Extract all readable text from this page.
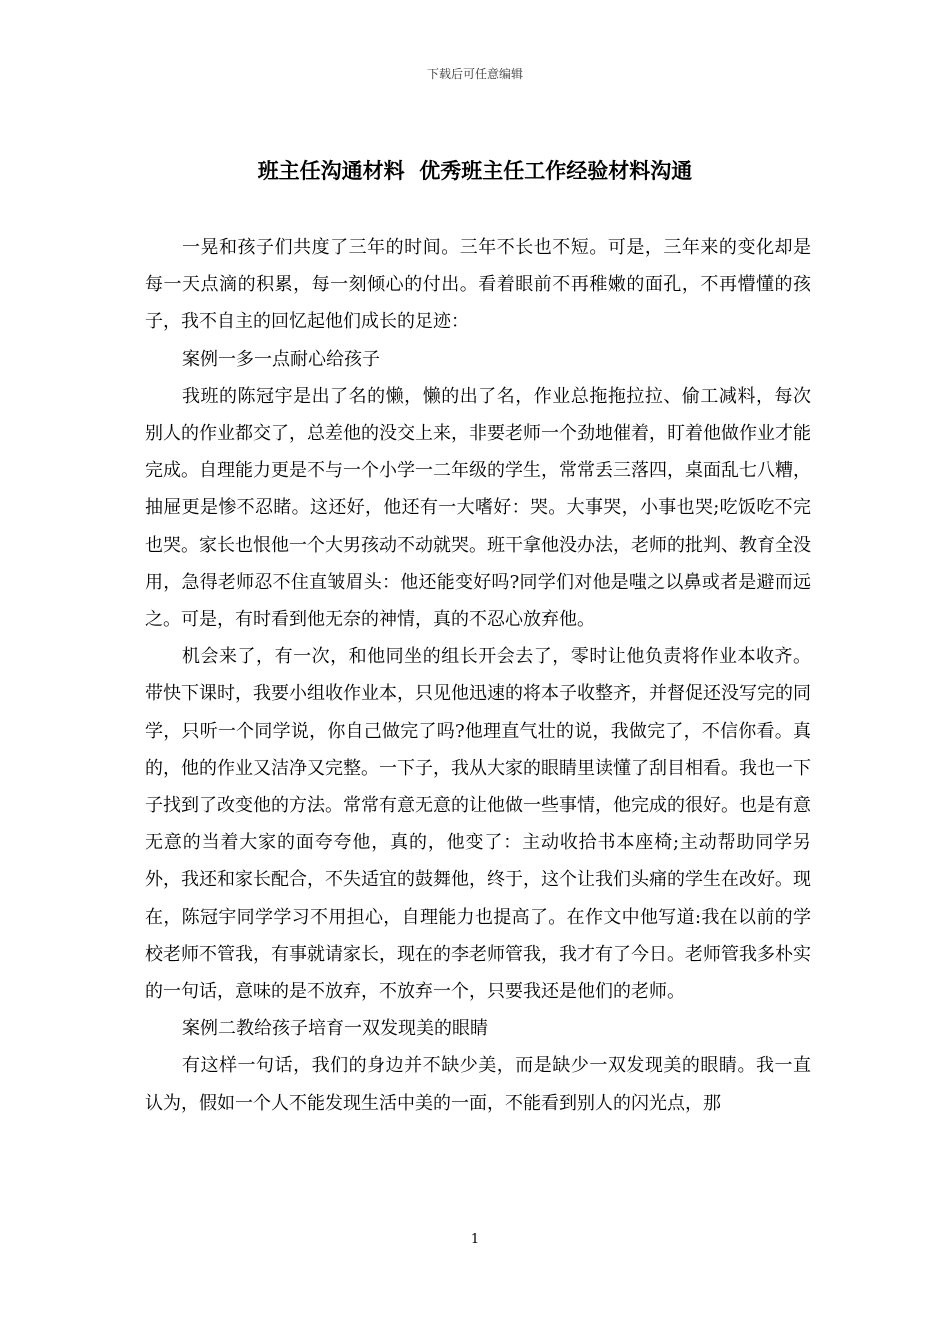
下载后可任意编辑
班主任沟通材料  优秀班主任工作经验材料沟通

一晃和孩子们共度了三年的时间。三年不长也不短。可是，三年来的变化却是每一天点滴的积累，每一刻倾心的付出。看着眼前不再稚嫩的面孔，不再懵懂的孩子，我不自主的回忆起他们成长的足迹：

案例一多一点耐心给孩子

我班的陈冠宇是出了名的懒，懒的出了名，作业总拖拖拉拉、偷工减料，每次别人的作业都交了，总差他的没交上来，非要老师一个劲地催着，盯着他做作业才能完成。自理能力更是不与一个小学一二年级的学生，常常丢三落四，桌面乱七八糟，抽屉更是惨不忍睹。这还好，他还有一大嗜好：哭。大事哭，小事也哭;吃饭吃不完也哭。家长也恨他一个大男孩动不动就哭。班干拿他没办法，老师的批判、教育全没用，急得老师忍不住直皱眉头：他还能变好吗?同学们对他是嗤之以鼻或者是避而远之。可是，有时看到他无奈的神情，真的不忍心放弃他。

机会来了，有一次，和他同坐的组长开会去了，零时让他负责将作业本收齐。带快下课时，我要小组收作业本，只见他迅速的将本子收整齐，并督促还没写完的同学，只听一个同学说，你自己做完了吗?他理直气壮的说，我做完了，不信你看。真的，他的作业又洁净又完整。一下子，我从大家的眼睛里读懂了刮目相看。我也一下子找到了改变他的方法。常常有意无意的让他做一些事情，他完成的很好。也是有意无意的当着大家的面夸夸他，真的，他变了：主动收拾书本座椅;主动帮助同学另外，我还和家长配合，不失适宜的鼓舞他，终于，这个让我们头痛的学生在改好。现在，陈冠宇同学学习不用担心，自理能力也提高了。在作文中他写道:我在以前的学校老师不管我，有事就请家长，现在的李老师管我，我才有了今日。老师管我多朴实的一句话，意味的是不放弃，不放弃一个，只要我还是他们的老师。

案例二教给孩子培育一双发现美的眼睛

有这样一句话，我们的身边并不缺少美，而是缺少一双发现美的眼睛。我一直认为，假如一个人不能发现生活中美的一面，不能看到别人的闪光点，那

1
